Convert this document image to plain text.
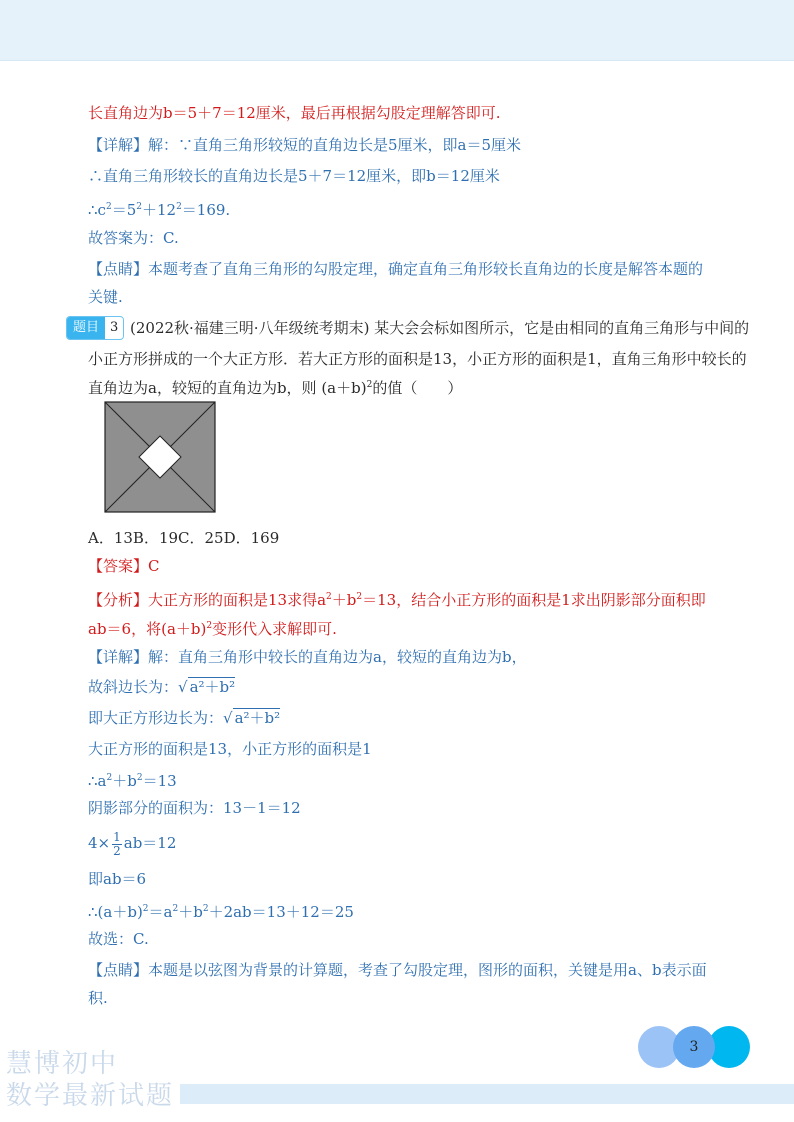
长直角边为b＝5＋7＝12厘米，最后再根据勾股定理解答即可.
【详解】解：∵直角三角形较短的直角边长是5厘米，即a＝5厘米
∴直角三角形较长的直角边长是5＋7＝12厘米，即b＝12厘米
$\therefore c^2=5^2+12^2=169$.
故答案为：C.
【点睛】本题考查了直角三角形的勾股定理，确定直角三角形较长直角边的长度是解答本题的
关键.
题目 3 (2022秋·福建三明·八年级统考期末) 某大会会标如图所示，它是由相同的直角三角形与中间的
小正方形拼成的一个大正方形．若大正方形的面积是13，小正方形的面积是1，直角三角形中较长的
直角边为a，较短的直角边为b，则 $(a+b)^2$的值（　　）
A．13B．19C．25D．169
【答案】C
【分析】大正方形的面积是13求得$a^2+b^2=13$，结合小正方形的面积是1求出阴影部分面积即
ab＝6，将$(a+b)^2$变形代入求解即可.
【详解】解：直角三角形中较长的直角边为a，较短的直角边为b，
故斜边长为：√ a²＋b²
即大正方形边长为：√ a²＋b²
大正方形的面积是13，小正方形的面积是1
$\therefore a^2+b^2=13$
阴影部分的面积为：13－1＝12
$4\times \frac{1}{2} ab=12$
即ab＝6
$\therefore(a+b)^2=a^2+b^2+2ab=13+12=25$
故选：C.
【点睛】本题是以弦图为背景的计算题，考查了勾股定理，图形的面积，关键是用a、b表示面
积.
3
慧博初中
数学最新试题
